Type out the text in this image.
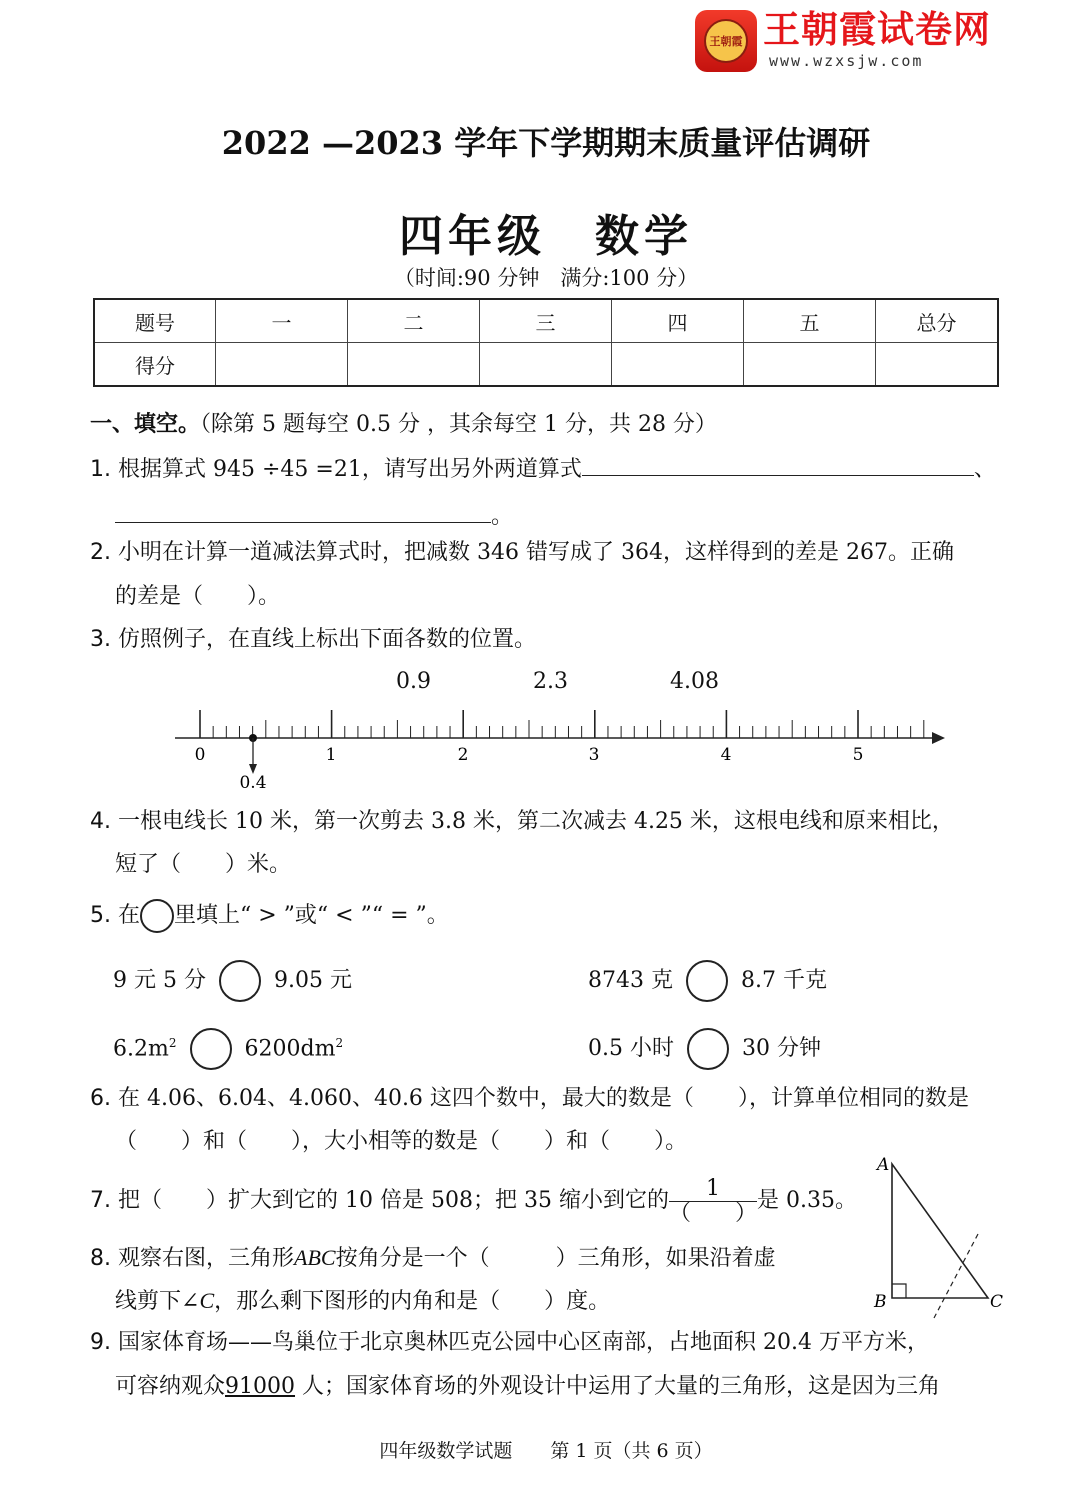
王朝霞 王朝霞试卷网
www.wzxsjw.com
2022 —2023 学年下学期期末质量评估调研
四年级　数学
（时间:90 分钟　满分:100 分）
题号	一	二	三	四	五	总分
得分						
一、填空。（除第 5 题每空 0.5 分 ，其余每空 1 分，共 28 分）
1. 根据算式 945 ÷45 =21，请写出另外两道算式	、
。
2. 小明在计算一道减法算式时，把减数 346 错写成了 364，这样得到的差是 267。正确
的差是（ ）。
3. 仿照例子，在直线上标出下面各数的位置。
0.9	2.3	4.08
0	1	2	3	4	5
0.4
4. 一根电线长 10 米，第一次剪去 3.8 米，第二次减去 4.25 米，这根电线和原来相比，
短了（ ）米。
5. 在 里填上“ > ”或“ < ”“ = ”。
9 元 5 分	9.05 元	8743 克	8.7 千克
$6.2m^2$	$6200dm^2$	0.5 小时	30 分钟
6. 在 4.06、6.04、4.060、40.6 这四个数中，最大的数是（ ），计算单位相同的数是
（ ）和（ ），大小相等的数是（ ）和（ ）。
7. 把（ ）扩大到它的 10 倍是 508；把 35 缩小到它的 $\frac{1}{( )}$ 是 0.35。
8. 观察右图，三角形ABC按角分是一个（	）三角形，如果沿着虚
线剪下∠C，那么剩下图形的内角和是（ ）度。
A
B	C
9. 国家体育场——鸟巢位于北京奥林匹克公园中心区南部，占地面积 20.4 万平方米，
可容纳观众91000 人；国家体育场的外观设计中运用了大量的三角形，这是因为三角
四年级数学试题　　第 1 页（共 6 页）
